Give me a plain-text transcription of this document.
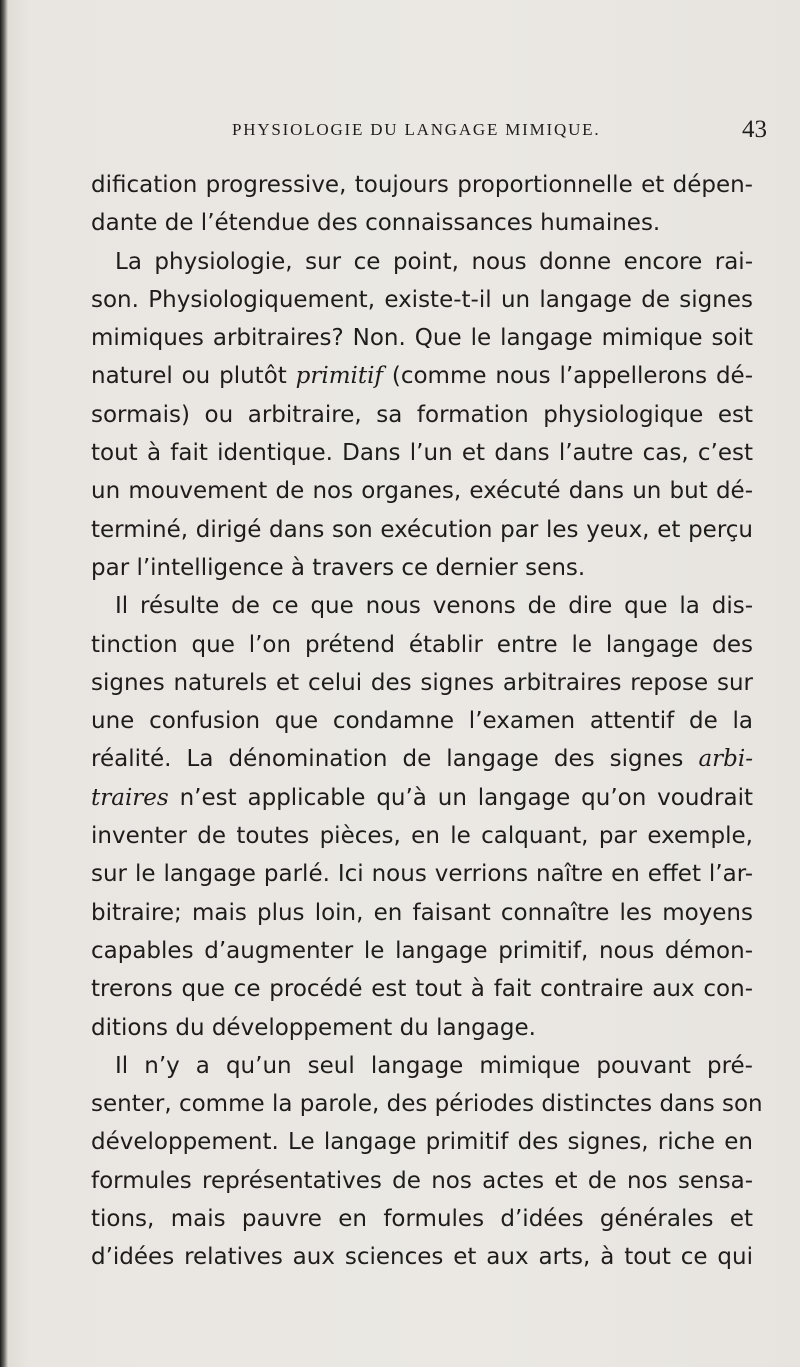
PHYSIOLOGIE DU LANGAGE MIMIQUE.	43
dification progressive, toujours proportionnelle et dépen-
dante de l’étendue des connaissances humaines.
La physiologie, sur ce point, nous donne encore rai-
son. Physiologiquement, existe-t-il un langage de signes
mimiques arbitraires? Non. Que le langage mimique soit
naturel ou plutôt primitif (comme nous l’appellerons dé-
sormais) ou arbitraire, sa formation physiologique est
tout à fait identique. Dans l’un et dans l’autre cas, c’est
un mouvement de nos organes, exécuté dans un but dé-
terminé, dirigé dans son exécution par les yeux, et perçu
par l’intelligence à travers ce dernier sens.
Il résulte de ce que nous venons de dire que la dis-
tinction que l’on prétend établir entre le langage des
signes naturels et celui des signes arbitraires repose sur
une confusion que condamne l’examen attentif de la
réalité. La dénomination de langage des signes arbi-
traires n’est applicable qu’à un langage qu’on voudrait
inventer de toutes pièces, en le calquant, par exemple,
sur le langage parlé. Ici nous verrions naître en effet l’ar-
bitraire; mais plus loin, en faisant connaître les moyens
capables d’augmenter le langage primitif, nous démon-
trerons que ce procédé est tout à fait contraire aux con-
ditions du développement du langage.
Il n’y a qu’un seul langage mimique pouvant pré-
senter, comme la parole, des périodes distinctes dans son
développement. Le langage primitif des signes, riche en
formules représentatives de nos actes et de nos sensa-
tions, mais pauvre en formules d’idées générales et
d’idées relatives aux sciences et aux arts, à tout ce qui
